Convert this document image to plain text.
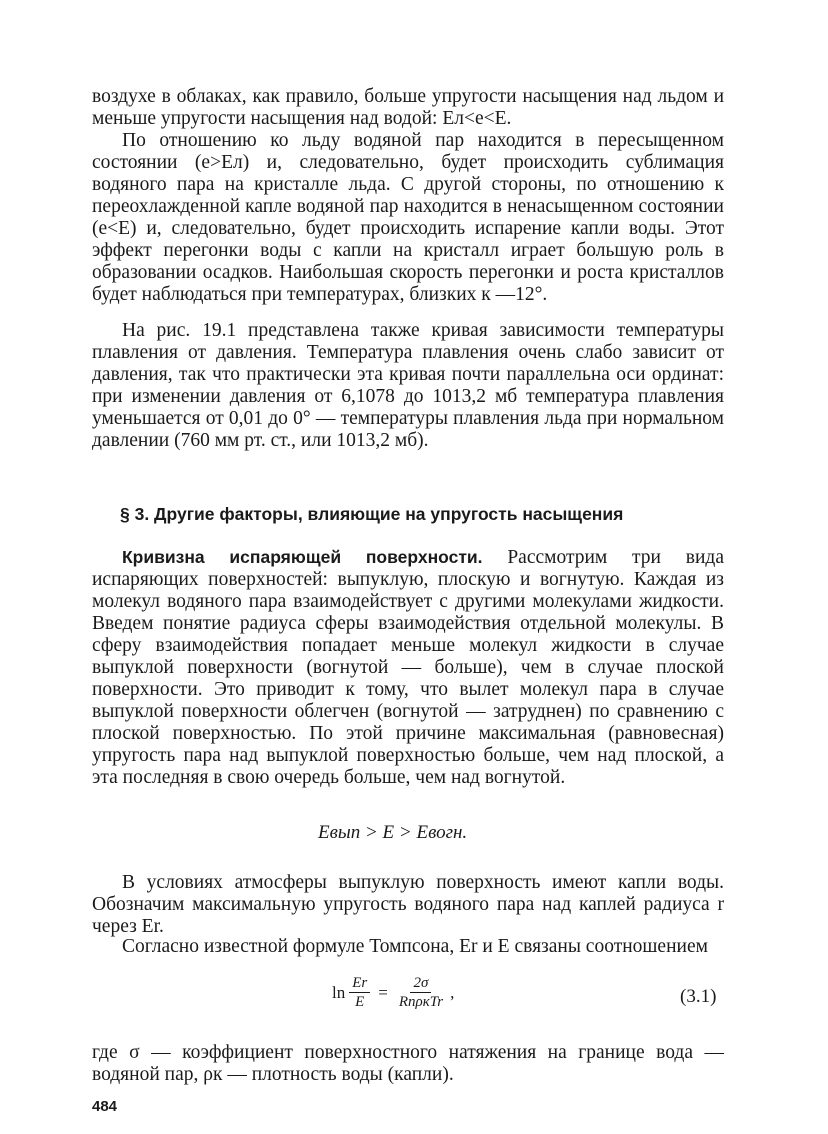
воздухе в облаках, как правило, больше упругости насыщения над льдом и меньше упругости насыщения над водой: Eл<e<E.

По отношению ко льду водяной пар находится в пересыщенном состоянии (e>Eл) и, следовательно, будет происходить сублимация водяного пара на кристалле льда. С другой стороны, по отношению к переохлажденной капле водяной пар находится в ненасыщенном состоянии (e<E) и, следовательно, будет происходить испарение капли воды. Этот эффект перегонки воды с капли на кристалл играет большую роль в образовании осадков. Наибольшая скорость перегонки и роста кристаллов будет наблюдаться при температурах, близких к —12°.

На рис. 19.1 представлена также кривая зависимости температуры плавления от давления. Температура плавления очень слабо зависит от давления, так что практически эта кривая почти параллельна оси ординат: при изменении давления от 6,1078 до 1013,2 мб температура плавления уменьшается от 0,01 до 0° — температуры плавления льда при нормальном давлении (760 мм рт. ст., или 1013,2 мб).

§ 3. Другие факторы, влияющие на упругость насыщения

Кривизна испаряющей поверхности. Рассмотрим три вида испаряющих поверхностей: выпуклую, плоскую и вогнутую. Каждая из молекул водяного пара взаимодействует с другими молекулами жидкости. Введем понятие радиуса сферы взаимодействия отдельной молекулы. В сферу взаимодействия попадает меньше молекул жидкости в случае выпуклой поверхности (вогнутой — больше), чем в случае плоской поверхности. Это приводит к тому, что вылет молекул пара в случае выпуклой поверхности облегчен (вогнутой — затруднен) по сравнению с плоской поверхностью. По этой причине максимальная (равновесная) упругость пара над выпуклой поверхностью больше, чем над плоской, а эта последняя в свою очередь больше, чем над вогнутой.

Eвып > E > Eвогн.

В условиях атмосферы выпуклую поверхность имеют капли воды. Обозначим максимальную упругость водяного пара над каплей радиуса r через Er.

Согласно известной формуле Томпсона, Er и E связаны соотношением

$\ln \frac{Er}{E} = \frac{2\sigma}{\text{RпρкTr}}$ ,	(3.1)

где σ — коэффициент поверхностного натяжения на границе вода — водяной пар, ρк — плотность воды (капли).

484
